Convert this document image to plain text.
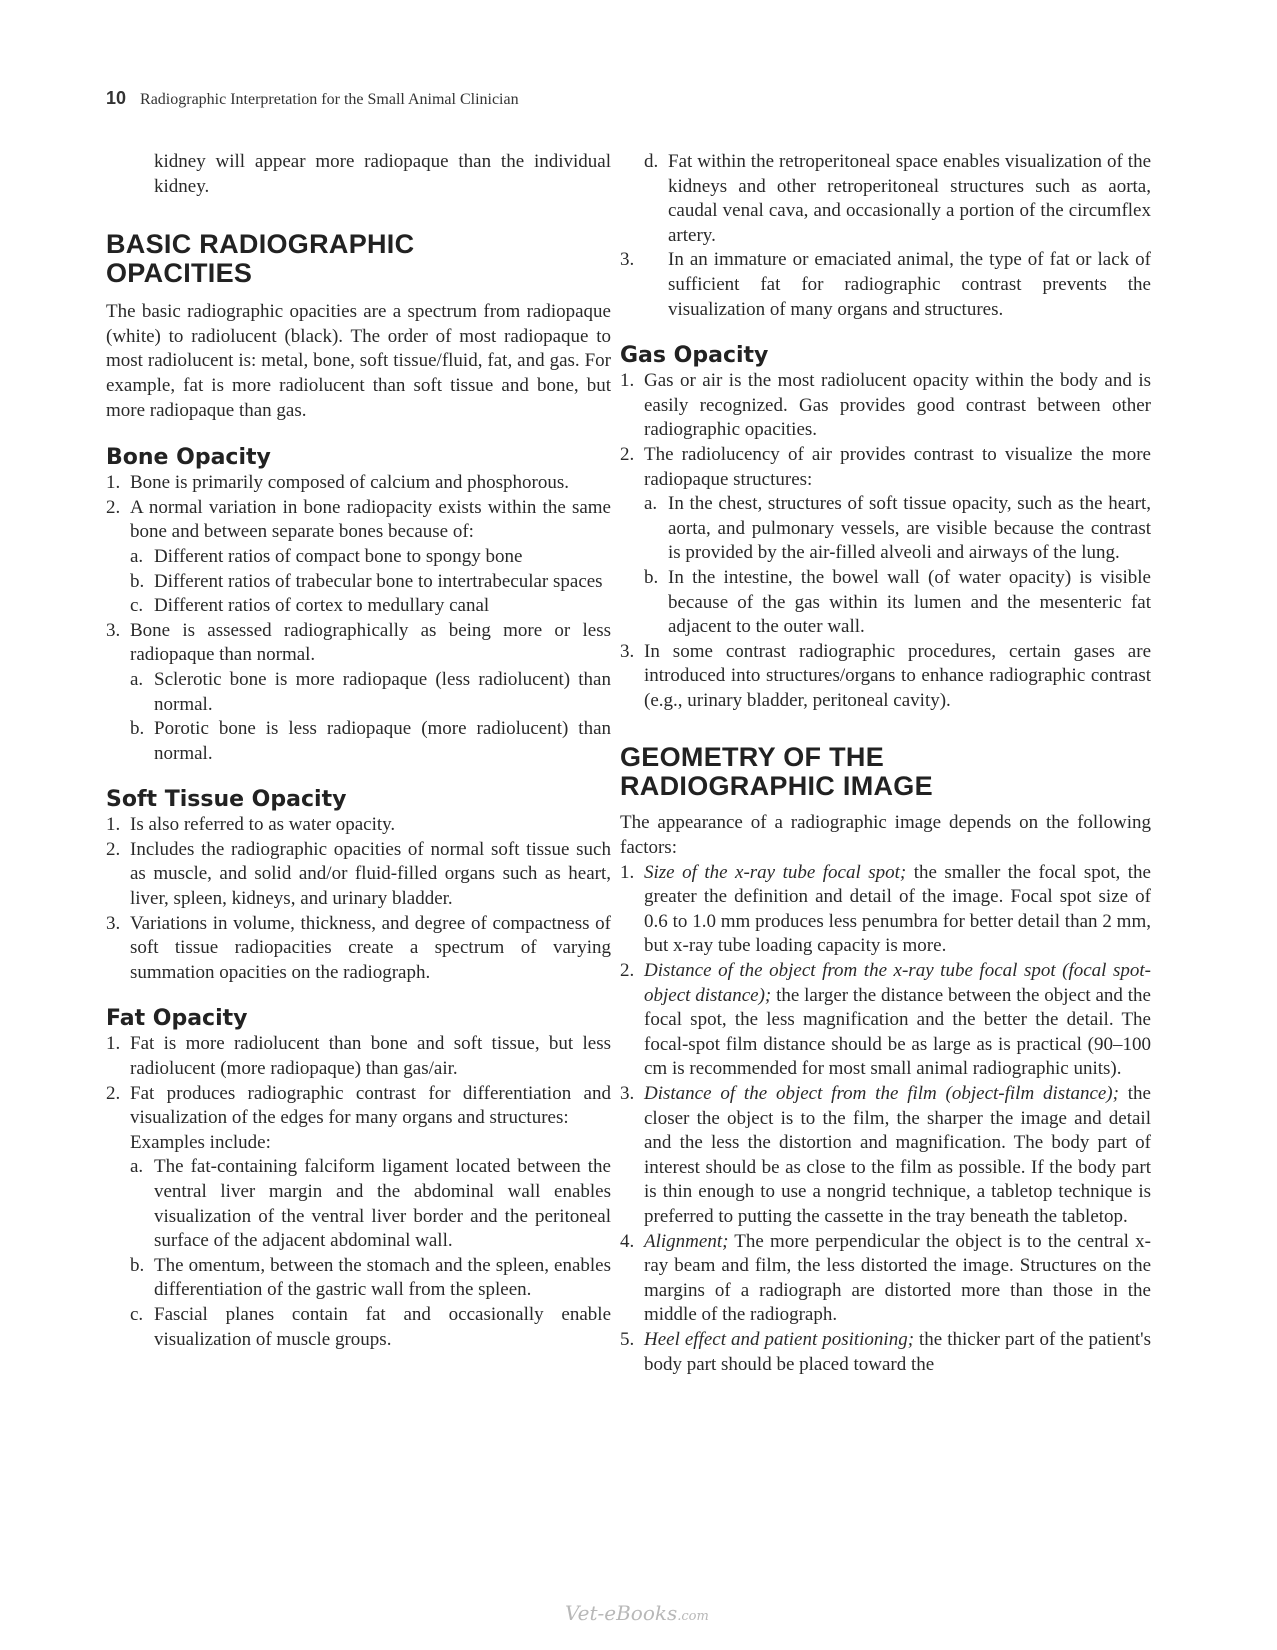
10 Radiographic Interpretation for the Small Animal Clinician

kidney will appear more radiopaque than the individual kidney.

BASIC RADIOGRAPHIC
OPACITIES

The basic radiographic opacities are a spectrum from radiopaque (white) to radiolucent (black). The order of most radiopaque to most radiolucent is: metal, bone, soft tissue/fluid, fat, and gas. For example, fat is more radiolucent than soft tissue and bone, but more radiopaque than gas.

Bone Opacity
1. Bone is primarily composed of calcium and phosphorous.
2. A normal variation in bone radiopacity exists within the same bone and between separate bones because of:
a. Different ratios of compact bone to spongy bone
b. Different ratios of trabecular bone to intertrabecular spaces
c. Different ratios of cortex to medullary canal
3. Bone is assessed radiographically as being more or less radiopaque than normal.
a. Sclerotic bone is more radiopaque (less radiolucent) than normal.
b. Porotic bone is less radiopaque (more radiolucent) than normal.
Soft Tissue Opacity
1. Is also referred to as water opacity.
2. Includes the radiographic opacities of normal soft tissue such as muscle, and solid and/or fluid-filled organs such as heart, liver, spleen, kidneys, and urinary bladder.
3. Variations in volume, thickness, and degree of compactness of soft tissue radiopacities create a spectrum of varying summation opacities on the radiograph.
Fat Opacity
1. Fat is more radiolucent than bone and soft tissue, but less radiolucent (more radiopaque) than gas/air.
2. Fat produces radiographic contrast for differentiation and visualization of the edges for many organs and structures:
Examples include:
a. The fat-containing falciform ligament located between the ventral liver margin and the abdominal wall enables visualization of the ventral liver border and the peritoneal surface of the adjacent abdominal wall.
b. The omentum, between the stomach and the spleen, enables differentiation of the gastric wall from the spleen.
c. Fascial planes contain fat and occasionally enable visualization of muscle groups.
d. Fat within the retroperitoneal space enables visualization of the kidneys and other retroperitoneal structures such as aorta, caudal venal cava, and occasionally a portion of the circumflex artery.
3. In an immature or emaciated animal, the type of fat or lack of sufficient fat for radiographic contrast prevents the visualization of many organs and structures.
Gas Opacity
1. Gas or air is the most radiolucent opacity within the body and is easily recognized. Gas provides good contrast between other radiographic opacities.
2. The radiolucency of air provides contrast to visualize the more radiopaque structures:
a. In the chest, structures of soft tissue opacity, such as the heart, aorta, and pulmonary vessels, are visible because the contrast is provided by the air-filled alveoli and airways of the lung.
b. In the intestine, the bowel wall (of water opacity) is visible because of the gas within its lumen and the mesenteric fat adjacent to the outer wall.
3. In some contrast radiographic procedures, certain gases are introduced into structures/organs to enhance radiographic contrast (e.g., urinary bladder, peritoneal cavity).
GEOMETRY OF THE
RADIOGRAPHIC IMAGE

The appearance of a radiographic image depends on the following factors:

1. Size of the x-ray tube focal spot; the smaller the focal spot, the greater the definition and detail of the image. Focal spot size of 0.6 to 1.0 mm produces less penumbra for better detail than 2 mm, but x-ray tube loading capacity is more.
2. Distance of the object from the x-ray tube focal spot (focal spot-object distance); the larger the distance between the object and the focal spot, the less magnification and the better the detail. The focal-spot film distance should be as large as is practical (90–100 cm is recommended for most small animal radiographic units).
3. Distance of the object from the film (object-film distance); the closer the object is to the film, the sharper the image and detail and the less the distortion and magnification. The body part of interest should be as close to the film as possible. If the body part is thin enough to use a nongrid technique, a tabletop technique is preferred to putting the cassette in the tray beneath the tabletop.
4. Alignment; The more perpendicular the object is to the central x-ray beam and film, the less distorted the image. Structures on the margins of a radiograph are distorted more than those in the middle of the radiograph.
5. Heel effect and patient positioning; the thicker part of the patient's body part should be placed toward the
Vet-eBooks.com
